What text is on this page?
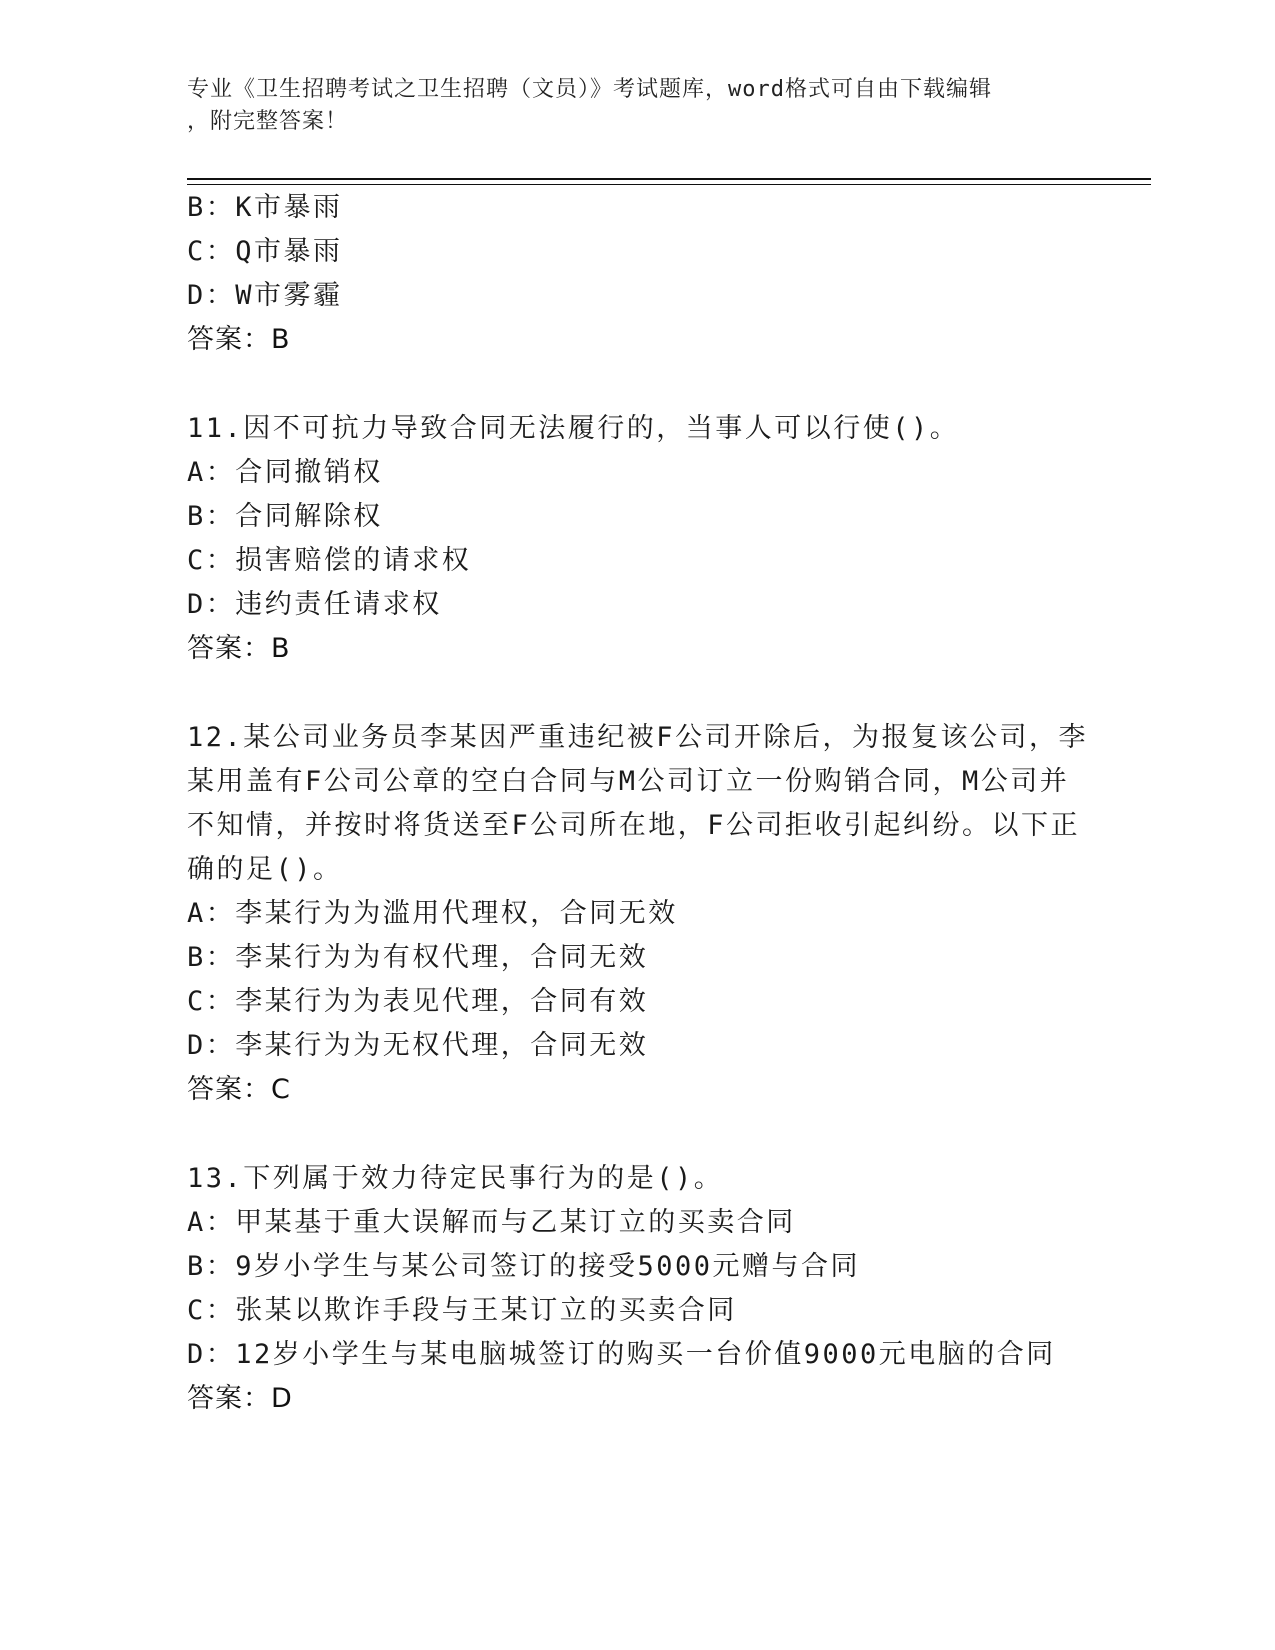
专业《卫生招聘考试之卫生招聘（文员）》考试题库，word格式可自由下载编辑
，附完整答案！
B：K市暴雨
C：Q市暴雨
D：W市雾霾
答案：B
11.因不可抗力导致合同无法履行的，当事人可以行使()。
A：合同撤销权
B：合同解除权
C：损害赔偿的请求权
D：违约责任请求权
答案：B
12.某公司业务员李某因严重违纪被F公司开除后，为报复该公司，李
某用盖有F公司公章的空白合同与M公司订立一份购销合同，M公司并
不知情，并按时将货送至F公司所在地，F公司拒收引起纠纷。以下正
确的足()。
A：李某行为为滥用代理权，合同无效
B：李某行为为有权代理，合同无效
C：李某行为为表见代理，合同有效
D：李某行为为无权代理，合同无效
答案：C
13.下列属于效力待定民事行为的是()。
A：甲某基于重大误解而与乙某订立的买卖合同
B：9岁小学生与某公司签订的接受5000元赠与合同
C：张某以欺诈手段与王某订立的买卖合同
D：12岁小学生与某电脑城签订的购买一台价值9000元电脑的合同
答案：D
